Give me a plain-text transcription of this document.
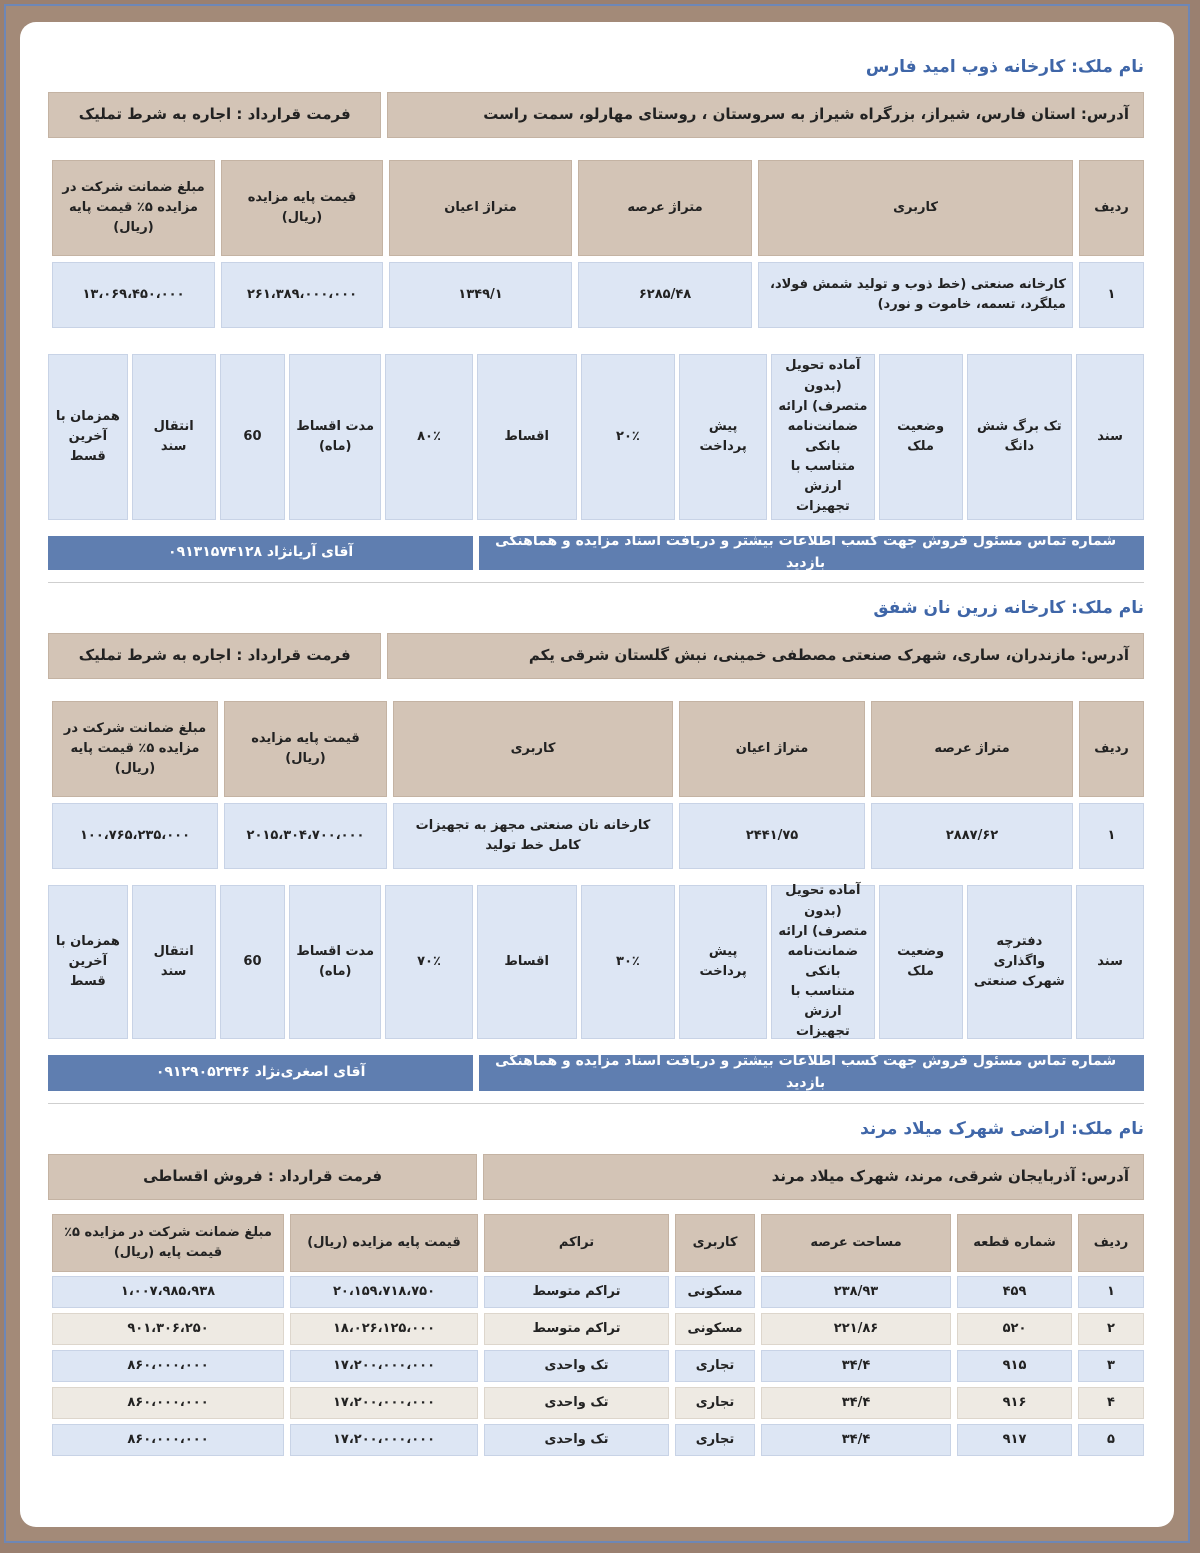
نام ملک: کارخانه ذوب امید فارس
آدرس: استان فارس، شیراز، بزرگراه شیراز به سروستان ، روستای مهارلو، سمت راست
فرمت قرارداد : اجاره به شرط تملیک
ردیف
کاربری
متراژ عرصه
متراژ اعیان
قیمت پایه مزایده (ریال)
مبلغ ضمانت شرکت در مزایده ۵٪ قیمت پایه (ریال)
۱
کارخانه صنعتی (خط ذوب و تولید شمش فولاد، میلگرد، تسمه، خاموت و نورد)
۶۲۸۵/۴۸
۱۳۴۹/۱
۲۶۱،۳۸۹،۰۰۰،۰۰۰
۱۳،۰۶۹،۴۵۰،۰۰۰
سند
تک برگ شش دانگ
وضعیت ملک
آماده تحویل (بدون متصرف) ارائه ضمانت‌نامه بانکی متناسب با ارزش تجهیزات
پیش پرداخت
۲۰٪
اقساط
۸۰٪
مدت اقساط (ماه)
60
انتقال سند
همزمان با آخرین قسط
شماره تماس مسئول فروش جهت کسب اطلاعات بیشتر و دریافت اسناد مزایده و هماهنگی بازدید
آقای آریانژاد ۰۹۱۳۱۵۷۴۱۲۸
نام ملک: کارخانه زرین نان شفق
آدرس: مازندران، ساری، شهرک صنعتی مصطفی خمینی، نبش گلستان شرقی یکم
فرمت قرارداد : اجاره به شرط تملیک
ردیف
متراژ عرصه
متراژ اعیان
کاربری
قیمت پایه مزایده (ریال)
مبلغ ضمانت شرکت در مزایده ۵٪ قیمت پایه (ریال)
۱
۲۸۸۷/۶۲
۲۴۴۱/۷۵
کارخانه نان صنعتی مجهز به تجهیزات کامل خط تولید
۲۰۱۵،۳۰۴،۷۰۰،۰۰۰
۱۰۰،۷۶۵،۲۳۵،۰۰۰
سند
دفترچه واگذاری شهرک صنعتی
وضعیت ملک
آماده تحویل (بدون متصرف) ارائه ضمانت‌نامه بانکی متناسب با ارزش تجهیزات
پیش پرداخت
۳۰٪
اقساط
۷۰٪
مدت اقساط (ماه)
60
انتقال سند
همزمان با آخرین قسط
شماره تماس مسئول فروش جهت کسب اطلاعات بیشتر و دریافت اسناد مزایده و هماهنگی بازدید
آقای اصغری‌نژاد ۰۹۱۲۹۰۵۲۴۴۶
نام ملک: اراضی شهرک میلاد مرند
آدرس: آذربایجان شرقی، مرند، شهرک میلاد مرند
فرمت قرارداد : فروش اقساطی
ردیف
شماره قطعه
مساحت عرصه
کاربری
تراکم
قیمت پایه مزایده (ریال)
مبلغ ضمانت شرکت در مزایده ۵٪ قیمت پایه (ریال)
۱
۴۵۹
۲۳۸/۹۳
مسکونی
تراکم متوسط
۲۰،۱۵۹،۷۱۸،۷۵۰
۱،۰۰۷،۹۸۵،۹۳۸
۲
۵۲۰
۲۲۱/۸۶
مسکونی
تراکم متوسط
۱۸،۰۲۶،۱۲۵،۰۰۰
۹۰۱،۳۰۶،۲۵۰
۳
۹۱۵
۳۴/۴
تجاری
تک واحدی
۱۷،۲۰۰،۰۰۰،۰۰۰
۸۶۰،۰۰۰،۰۰۰
۴
۹۱۶
۳۴/۴
تجاری
تک واحدی
۱۷،۲۰۰،۰۰۰،۰۰۰
۸۶۰،۰۰۰،۰۰۰
۵
۹۱۷
۳۴/۴
تجاری
تک واحدی
۱۷،۲۰۰،۰۰۰،۰۰۰
۸۶۰،۰۰۰،۰۰۰
